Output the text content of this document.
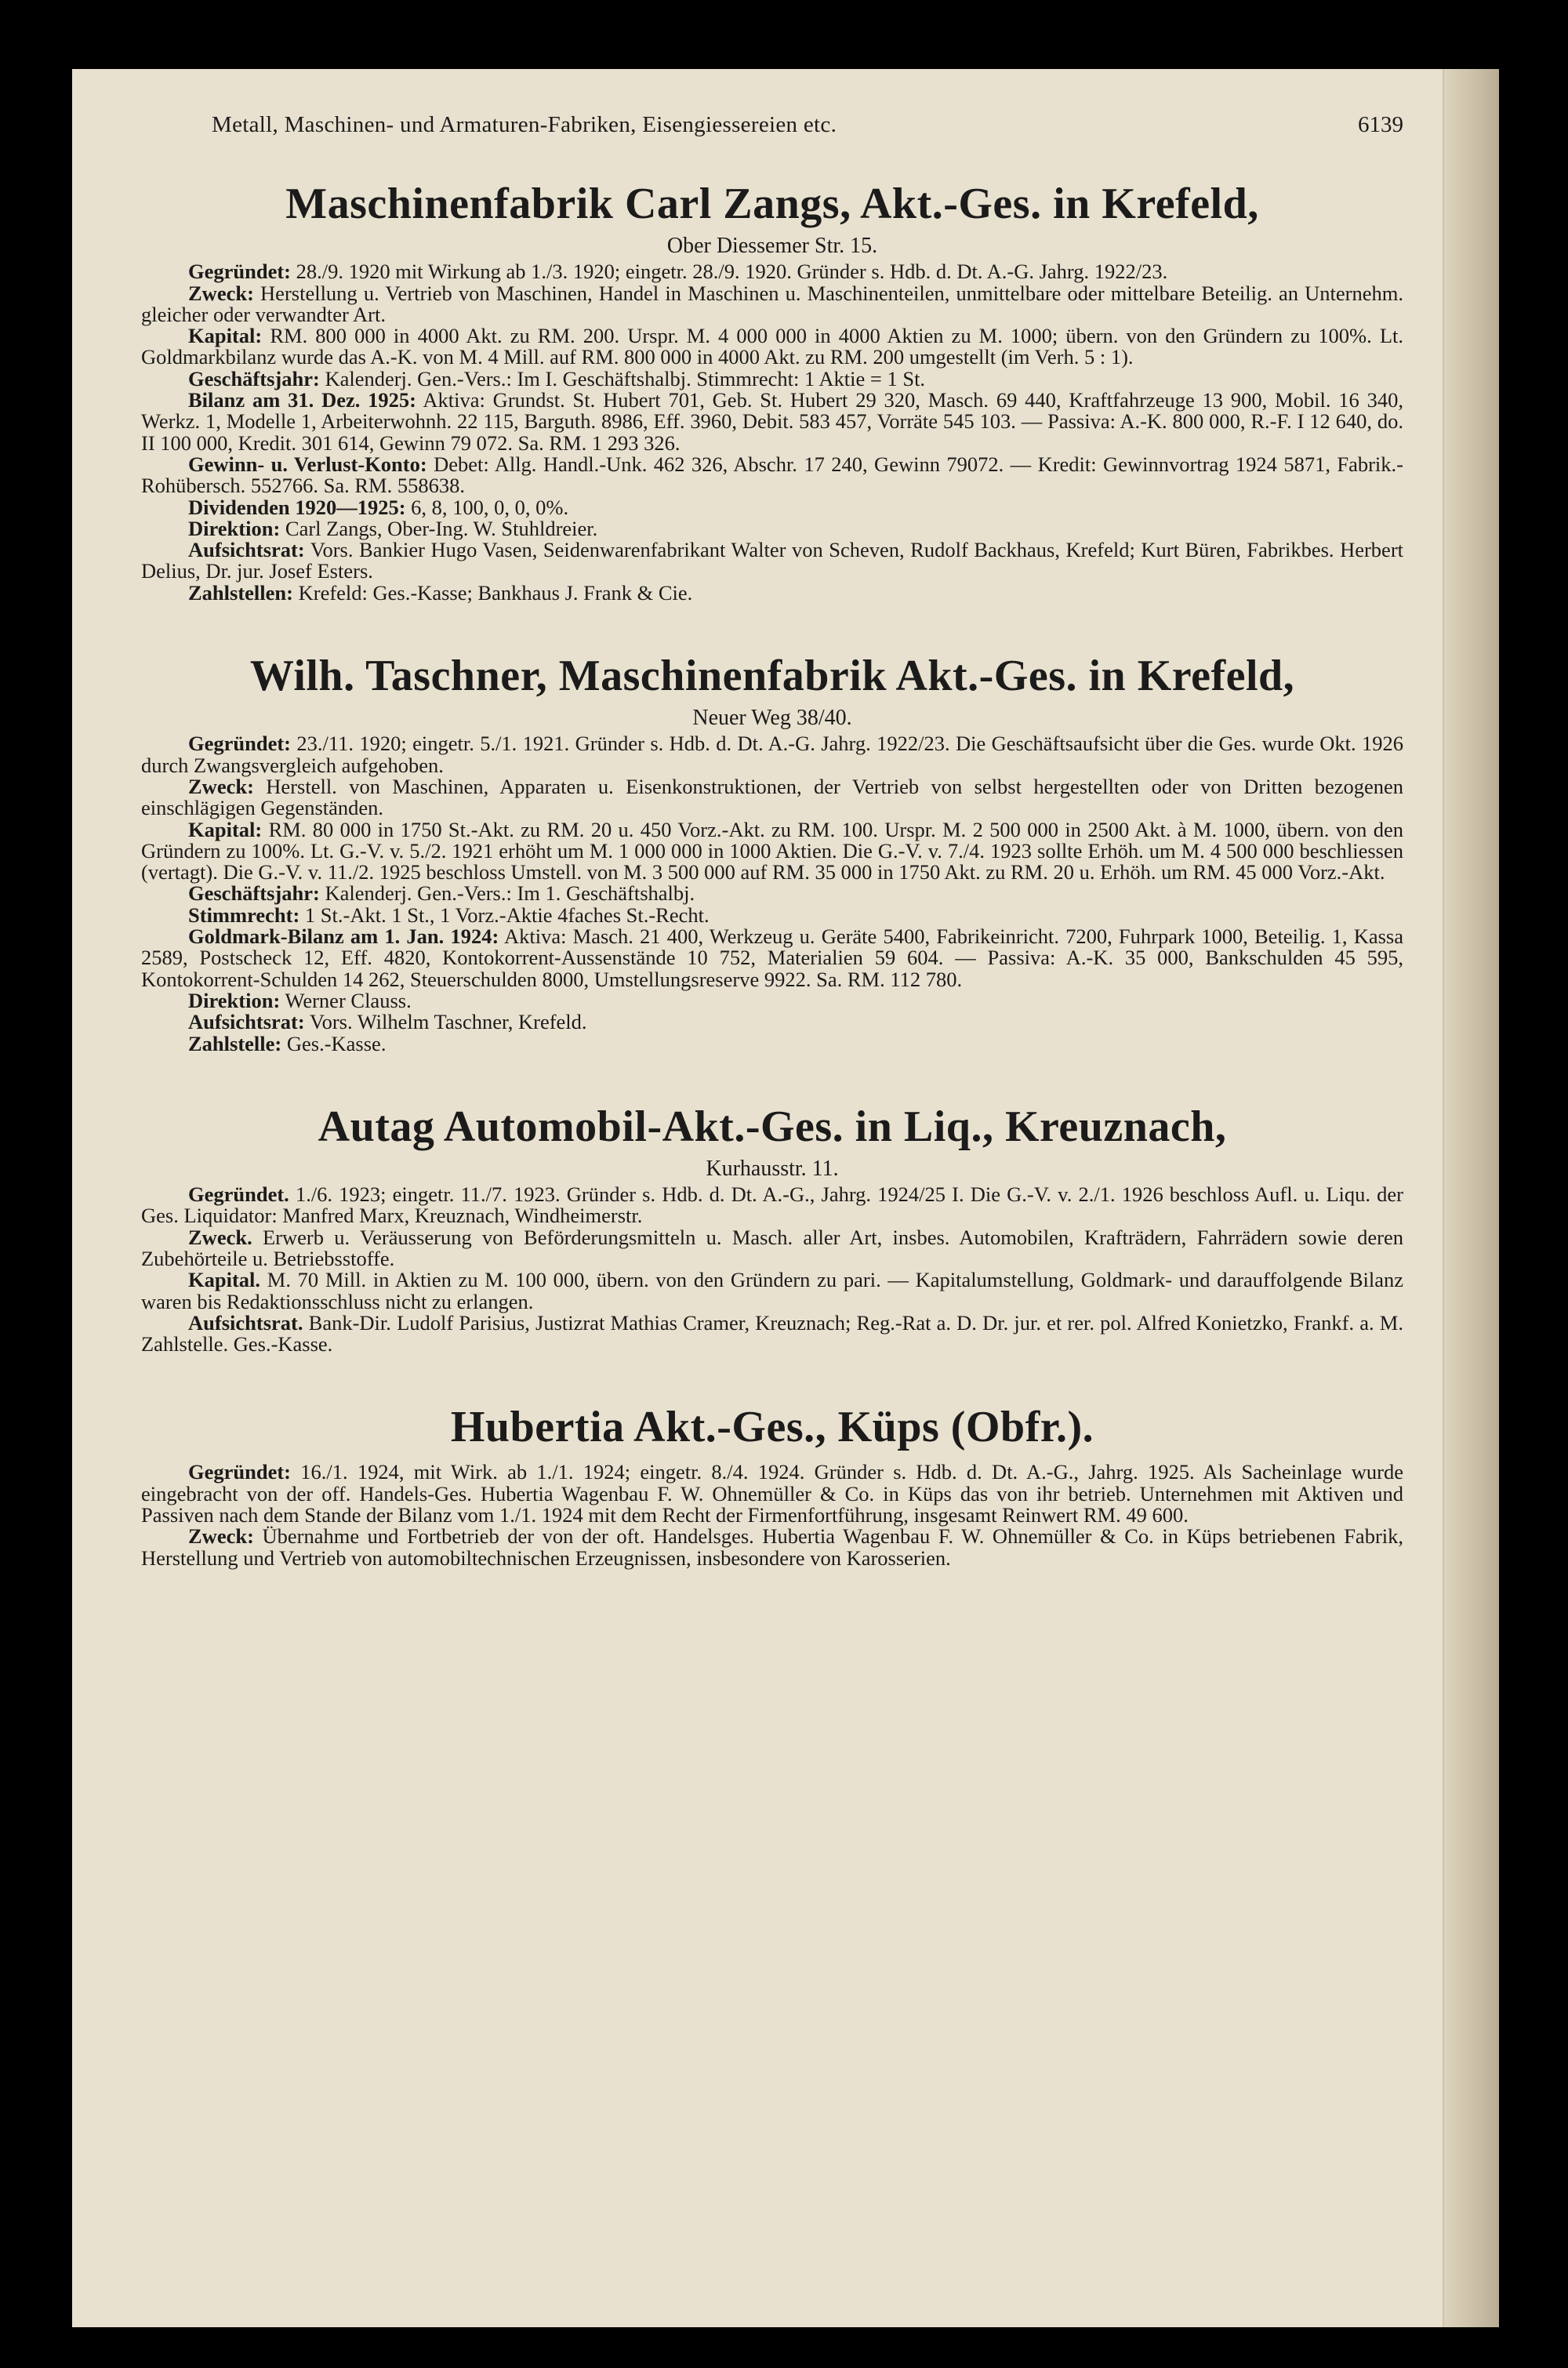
Metall, Maschinen- und Armaturen-Fabriken, Eisengiessereien etc.	6139
Maschinenfabrik Carl Zangs, Akt.-Ges. in Krefeld,
Ober Diessemer Str. 15.

Gegründet: 28./9. 1920 mit Wirkung ab 1./3. 1920; eingetr. 28./9. 1920. Gründer s. Hdb. d. Dt. A.-G. Jahrg. 1922/23.

Zweck: Herstellung u. Vertrieb von Maschinen, Handel in Maschinen u. Maschinenteilen, unmittelbare oder mittelbare Beteilig. an Unternehm. gleicher oder verwandter Art.

Kapital: RM. 800 000 in 4000 Akt. zu RM. 200. Urspr. M. 4 000 000 in 4000 Aktien zu M. 1000; übern. von den Gründern zu 100%. Lt. Goldmarkbilanz wurde das A.-K. von M. 4 Mill. auf RM. 800 000 in 4000 Akt. zu RM. 200 umgestellt (im Verh. 5 : 1).

Geschäftsjahr: Kalenderj. Gen.-Vers.: Im I. Geschäftshalbj. Stimmrecht: 1 Aktie = 1 St.

Bilanz am 31. Dez. 1925: Aktiva: Grundst. St. Hubert 701, Geb. St. Hubert 29 320, Masch. 69 440, Kraftfahrzeuge 13 900, Mobil. 16 340, Werkz. 1, Modelle 1, Arbeiterwohnh. 22 115, Barguth. 8986, Eff. 3960, Debit. 583 457, Vorräte 545 103. — Passiva: A.-K. 800 000, R.-F. I 12 640, do. II 100 000, Kredit. 301 614, Gewinn 79 072. Sa. RM. 1 293 326.

Gewinn- u. Verlust-Konto: Debet: Allg. Handl.-Unk. 462 326, Abschr. 17 240, Gewinn 79072. — Kredit: Gewinnvortrag 1924 5871, Fabrik.-Rohübersch. 552766. Sa. RM. 558638.

Dividenden 1920—1925: 6, 8, 100, 0, 0, 0%.

Direktion: Carl Zangs, Ober-Ing. W. Stuhldreier.

Aufsichtsrat: Vors. Bankier Hugo Vasen, Seidenwarenfabrikant Walter von Scheven, Rudolf Backhaus, Krefeld; Kurt Büren, Fabrikbes. Herbert Delius, Dr. jur. Josef Esters.

Zahlstellen: Krefeld: Ges.-Kasse; Bankhaus J. Frank & Cie.

Wilh. Taschner, Maschinenfabrik Akt.-Ges. in Krefeld,
Neuer Weg 38/40.

Gegründet: 23./11. 1920; eingetr. 5./1. 1921. Gründer s. Hdb. d. Dt. A.-G. Jahrg. 1922/23. Die Geschäftsaufsicht über die Ges. wurde Okt. 1926 durch Zwangsvergleich aufgehoben.

Zweck: Herstell. von Maschinen, Apparaten u. Eisenkonstruktionen, der Vertrieb von selbst hergestellten oder von Dritten bezogenen einschlägigen Gegenständen.

Kapital: RM. 80 000 in 1750 St.-Akt. zu RM. 20 u. 450 Vorz.-Akt. zu RM. 100. Urspr. M. 2 500 000 in 2500 Akt. à M. 1000, übern. von den Gründern zu 100%. Lt. G.-V. v. 5./2. 1921 erhöht um M. 1 000 000 in 1000 Aktien. Die G.-V. v. 7./4. 1923 sollte Erhöh. um M. 4 500 000 beschliessen (vertagt). Die G.-V. v. 11./2. 1925 beschloss Umstell. von M. 3 500 000 auf RM. 35 000 in 1750 Akt. zu RM. 20 u. Erhöh. um RM. 45 000 Vorz.-Akt.

Geschäftsjahr: Kalenderj. Gen.-Vers.: Im 1. Geschäftshalbj.

Stimmrecht: 1 St.-Akt. 1 St., 1 Vorz.-Aktie 4faches St.-Recht.

Goldmark-Bilanz am 1. Jan. 1924: Aktiva: Masch. 21 400, Werkzeug u. Geräte 5400, Fabrikeinricht. 7200, Fuhrpark 1000, Beteilig. 1, Kassa 2589, Postscheck 12, Eff. 4820, Kontokorrent-Aussenstände 10 752, Materialien 59 604. — Passiva: A.-K. 35 000, Bankschulden 45 595, Kontokorrent-Schulden 14 262, Steuerschulden 8000, Umstellungsreserve 9922. Sa. RM. 112 780.

Direktion: Werner Clauss.

Aufsichtsrat: Vors. Wilhelm Taschner, Krefeld.

Zahlstelle: Ges.-Kasse.

Autag Automobil-Akt.-Ges. in Liq., Kreuznach,
Kurhausstr. 11.

Gegründet. 1./6. 1923; eingetr. 11./7. 1923. Gründer s. Hdb. d. Dt. A.-G., Jahrg. 1924/25 I. Die G.-V. v. 2./1. 1926 beschloss Aufl. u. Liqu. der Ges. Liquidator: Manfred Marx, Kreuznach, Windheimerstr.

Zweck. Erwerb u. Veräusserung von Beförderungsmitteln u. Masch. aller Art, insbes. Automobilen, Krafträdern, Fahrrädern sowie deren Zubehörteile u. Betriebsstoffe.

Kapital. M. 70 Mill. in Aktien zu M. 100 000, übern. von den Gründern zu pari. — Kapitalumstellung, Goldmark- und darauffolgende Bilanz waren bis Redaktionsschluss nicht zu erlangen.

Aufsichtsrat. Bank-Dir. Ludolf Parisius, Justizrat Mathias Cramer, Kreuznach; Reg.-Rat a. D. Dr. jur. et rer. pol. Alfred Konietzko, Frankf. a. M. Zahlstelle. Ges.-Kasse.

Hubertia Akt.-Ges., Küps (Obfr.).

Gegründet: 16./1. 1924, mit Wirk. ab 1./1. 1924; eingetr. 8./4. 1924. Gründer s. Hdb. d. Dt. A.-G., Jahrg. 1925. Als Sacheinlage wurde eingebracht von der off. Handels-Ges. Hubertia Wagenbau F. W. Ohnemüller & Co. in Küps das von ihr betrieb. Unternehmen mit Aktiven und Passiven nach dem Stande der Bilanz vom 1./1. 1924 mit dem Recht der Firmenfortführung, insgesamt Reinwert RM. 49 600.

Zweck: Übernahme und Fortbetrieb der von der oft. Handelsges. Hubertia Wagenbau F. W. Ohnemüller & Co. in Küps betriebenen Fabrik, Herstellung und Vertrieb von automobiltechnischen Erzeugnissen, insbesondere von Karosserien.
